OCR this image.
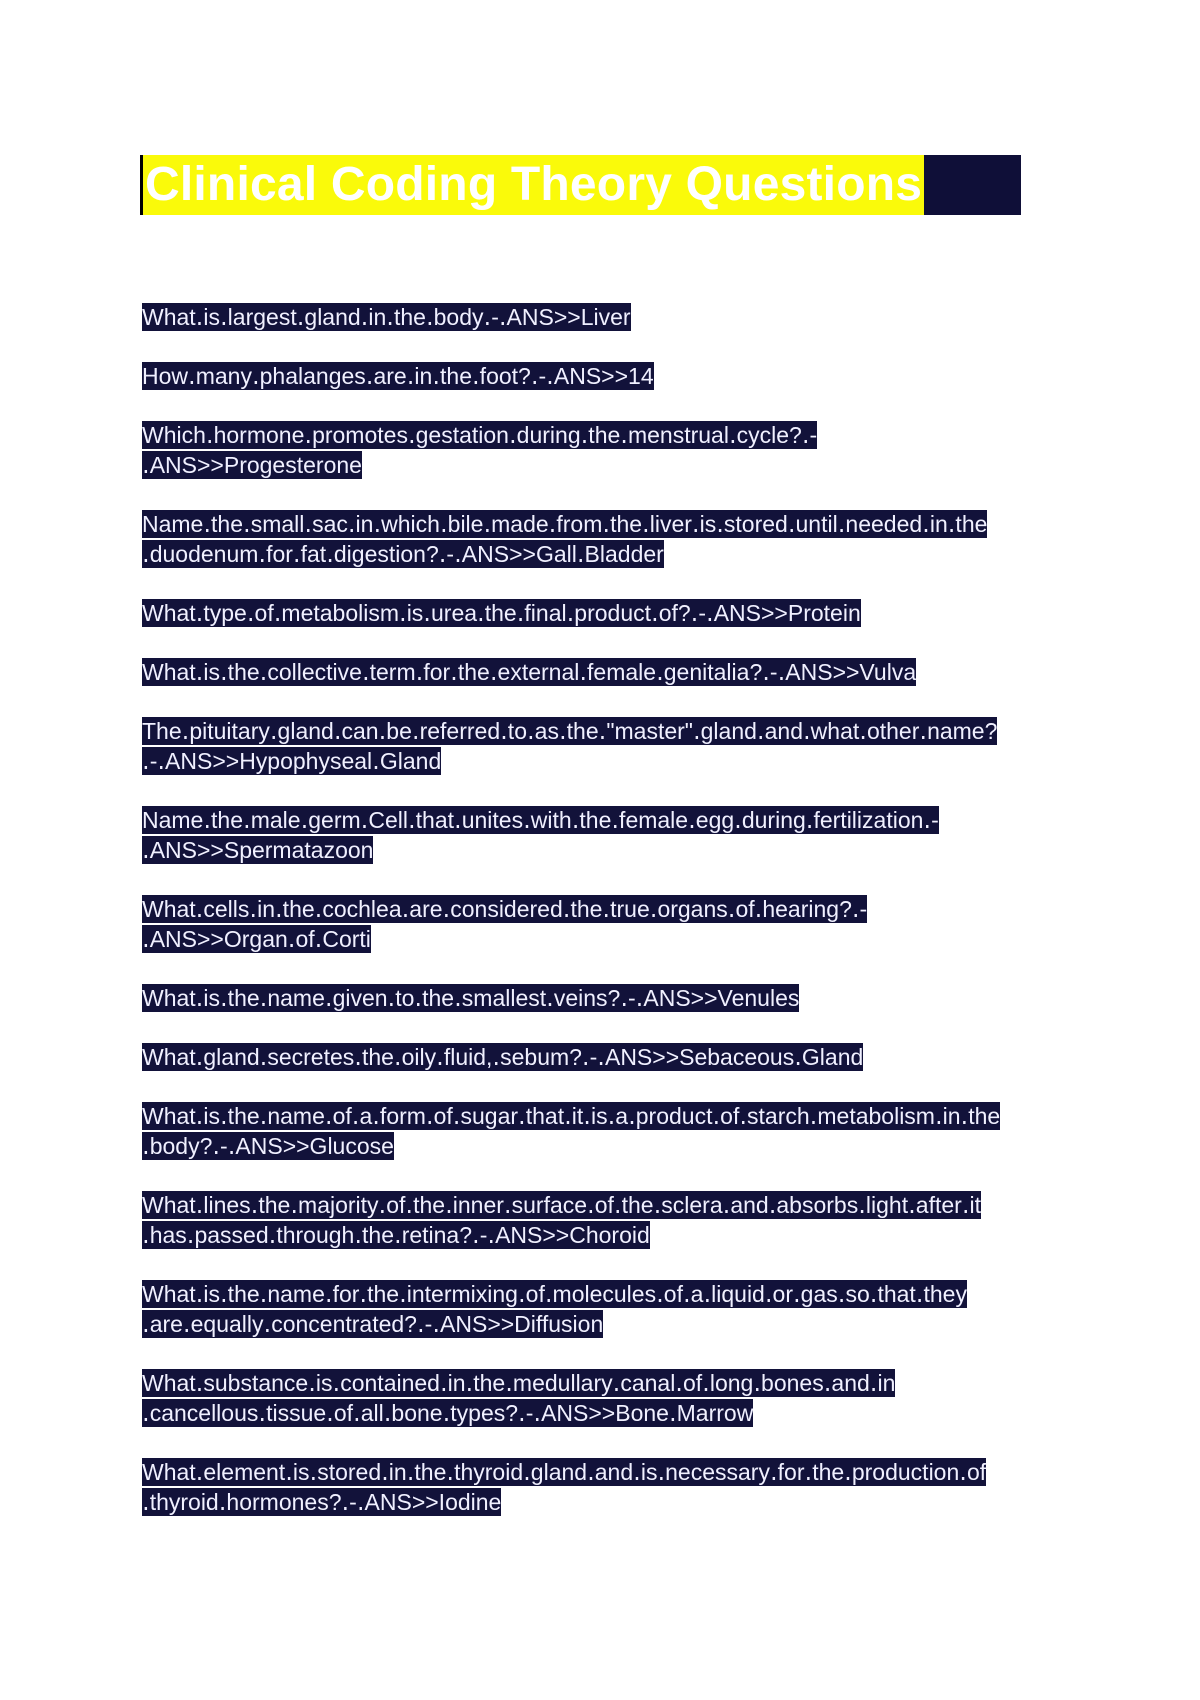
Clinical Coding Theory Questions

What․is․largest․gland․in․the․body․-․ANS>>Liver

How․many․phalanges․are․in․the․foot?․-․ANS>>14

Which․hormone․promotes․gestation․during․the․menstrual․cycle?․-
․ANS>>Progesterone

Name․the․small․sac․in․which․bile․made․from․the․liver․is․stored․until․needed․in․the
․duodenum․for․fat․digestion?․-․ANS>>Gall․Bladder

What․type․of․metabolism․is․urea․the․final․product․of?․-․ANS>>Protein

What․is․the․collective․term․for․the․external․female․genitalia?․-․ANS>>Vulva

The․pituitary․gland․can․be․referred․to․as․the․"master"․gland․and․what․other․name?
․-․ANS>>Hypophyseal․Gland

Name․the․male․germ․Cell․that․unites․with․the․female․egg․during․fertilization․-
․ANS>>Spermatazoon

What․cells․in․the․cochlea․are․considered․the․true․organs․of․hearing?․-
․ANS>>Organ․of․Corti

What․is․the․name․given․to․the․smallest․veins?․-․ANS>>Venules

What․gland․secretes․the․oily․fluid,․sebum?․-․ANS>>Sebaceous․Gland

What․is․the․name․of․a․form․of․sugar․that․it․is․a․product․of․starch․metabolism․in․the
․body?․-․ANS>>Glucose

What․lines․the․majority․of․the․inner․surface․of․the․sclera․and․absorbs․light․after․it
․has․passed․through․the․retina?․-․ANS>>Choroid

What․is․the․name․for․the․intermixing․of․molecules․of․a․liquid․or․gas․so․that․they
․are․equally․concentrated?․-․ANS>>Diffusion

What․substance․is․contained․in․the․medullary․canal․of․long․bones․and․in
․cancellous․tissue․of․all․bone․types?․-․ANS>>Bone․Marrow

What․element․is․stored․in․the․thyroid․gland․and․is․necessary․for․the․production․of
․thyroid․hormones?․-․ANS>>Iodine
